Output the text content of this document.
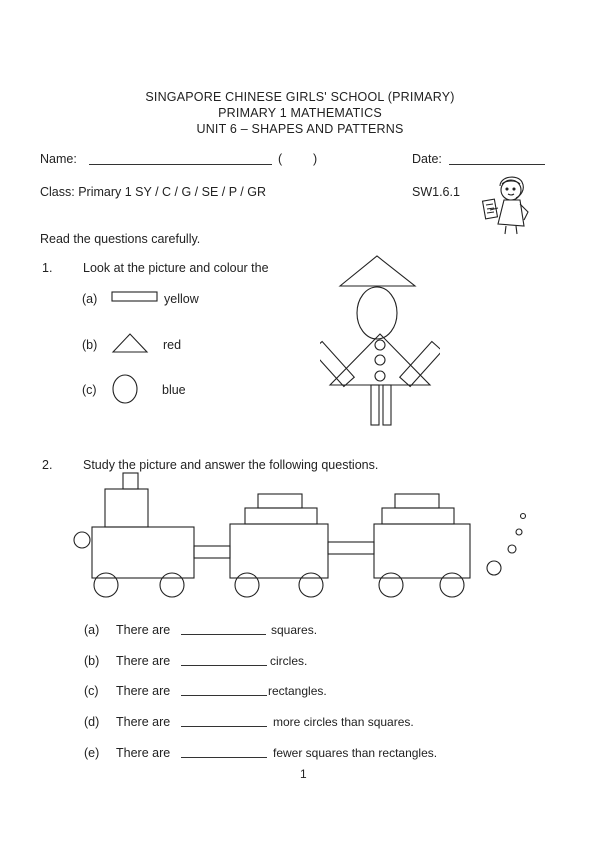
SINGAPORE CHINESE GIRLS' SCHOOL (PRIMARY)
PRIMARY 1 MATHEMATICS
UNIT 6 – SHAPES AND PATTERNS
Name:	( )	Date:
Class: Primary 1 SY / C / G / SE / P / GR	SW1.6.1
Read the questions carefully.
1. Look at the picture and colour the
(a)	yellow
(b)	red
(c)	blue
2. Study the picture and answer the following questions.
(a) There are	squares.
(b) There are	circles.
(c) There are	rectangles.
(d) There are	more circles than squares.
(e) There are	fewer squares than rectangles.
1
